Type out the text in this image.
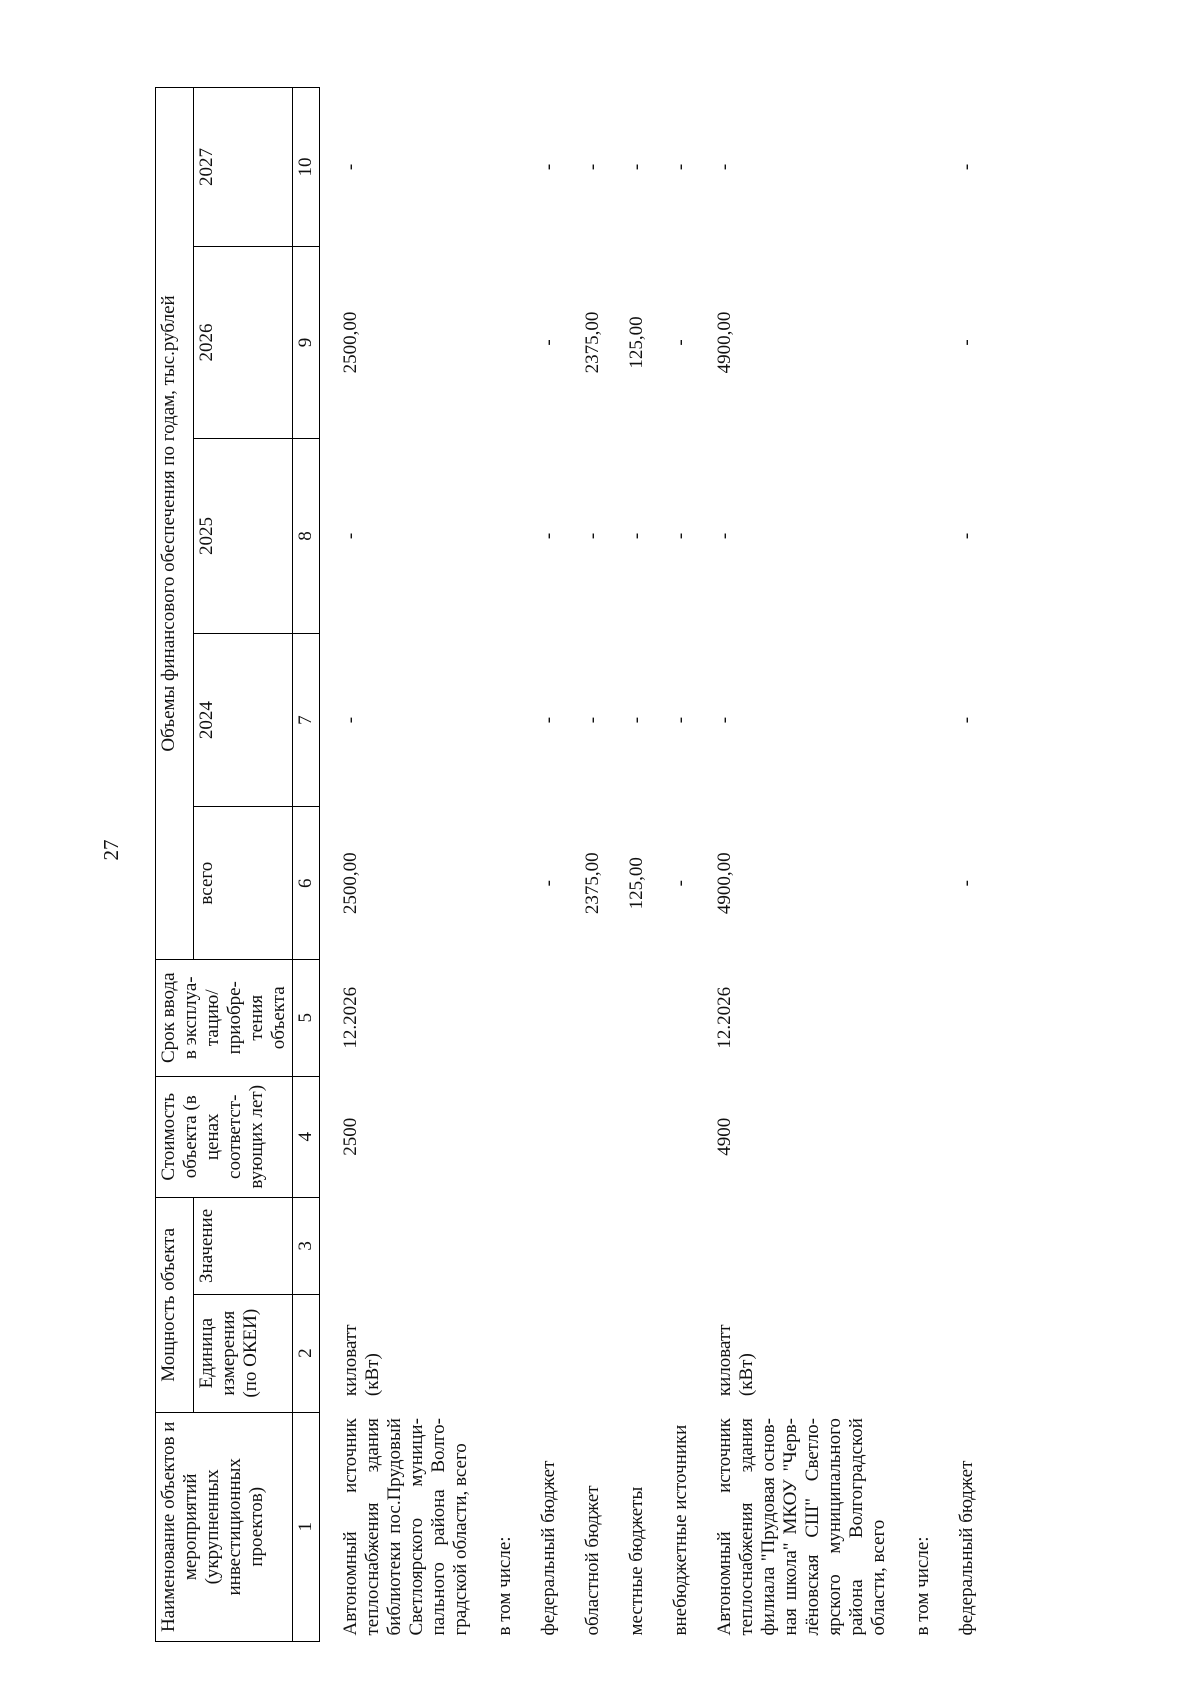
27
Наименование объектов и мероприятий (укрупненных инвестиционных проектов)	Мощность объекта		Стоимость объекта (в ценах соответст-вующих лет)	Срок ввода в эксплуа-тацию/ приобре-тения объекта	Объемы финансового обеспечения по годам, тыс.рублей				
	Единица измерения (по ОКЕИ)	Значение			всего	2024	2025	2026	2027
1	2	3	4	5	6	7	8	9	10

Автономный источник теплоснабжения здания библиотеки пос.Прудовый Светлоярского муници-пального района Волго-градской области, всего	киловатт (кВт)		2500	12.2026	2500,00	-	-	2500,00	-

в том числе:									

федеральный бюджет					-	-	-	-	-

областной бюджет					2375,00	-	-	2375,00	-

местные бюджеты					125,00	-	-	125,00	-

внебюджетные источники					-	-	-	-	-

Автономный источник теплоснабжения здания филиала "Прудовая основ-ная школа" МКОУ "Черв-лёновская СШ" Светло-ярского муниципального района Волгоградской области, всего	киловатт (кВт)		4900	12.2026	4900,00	-	-	4900,00	-

в том числе:									

федеральный бюджет					-	-	-	-	-
